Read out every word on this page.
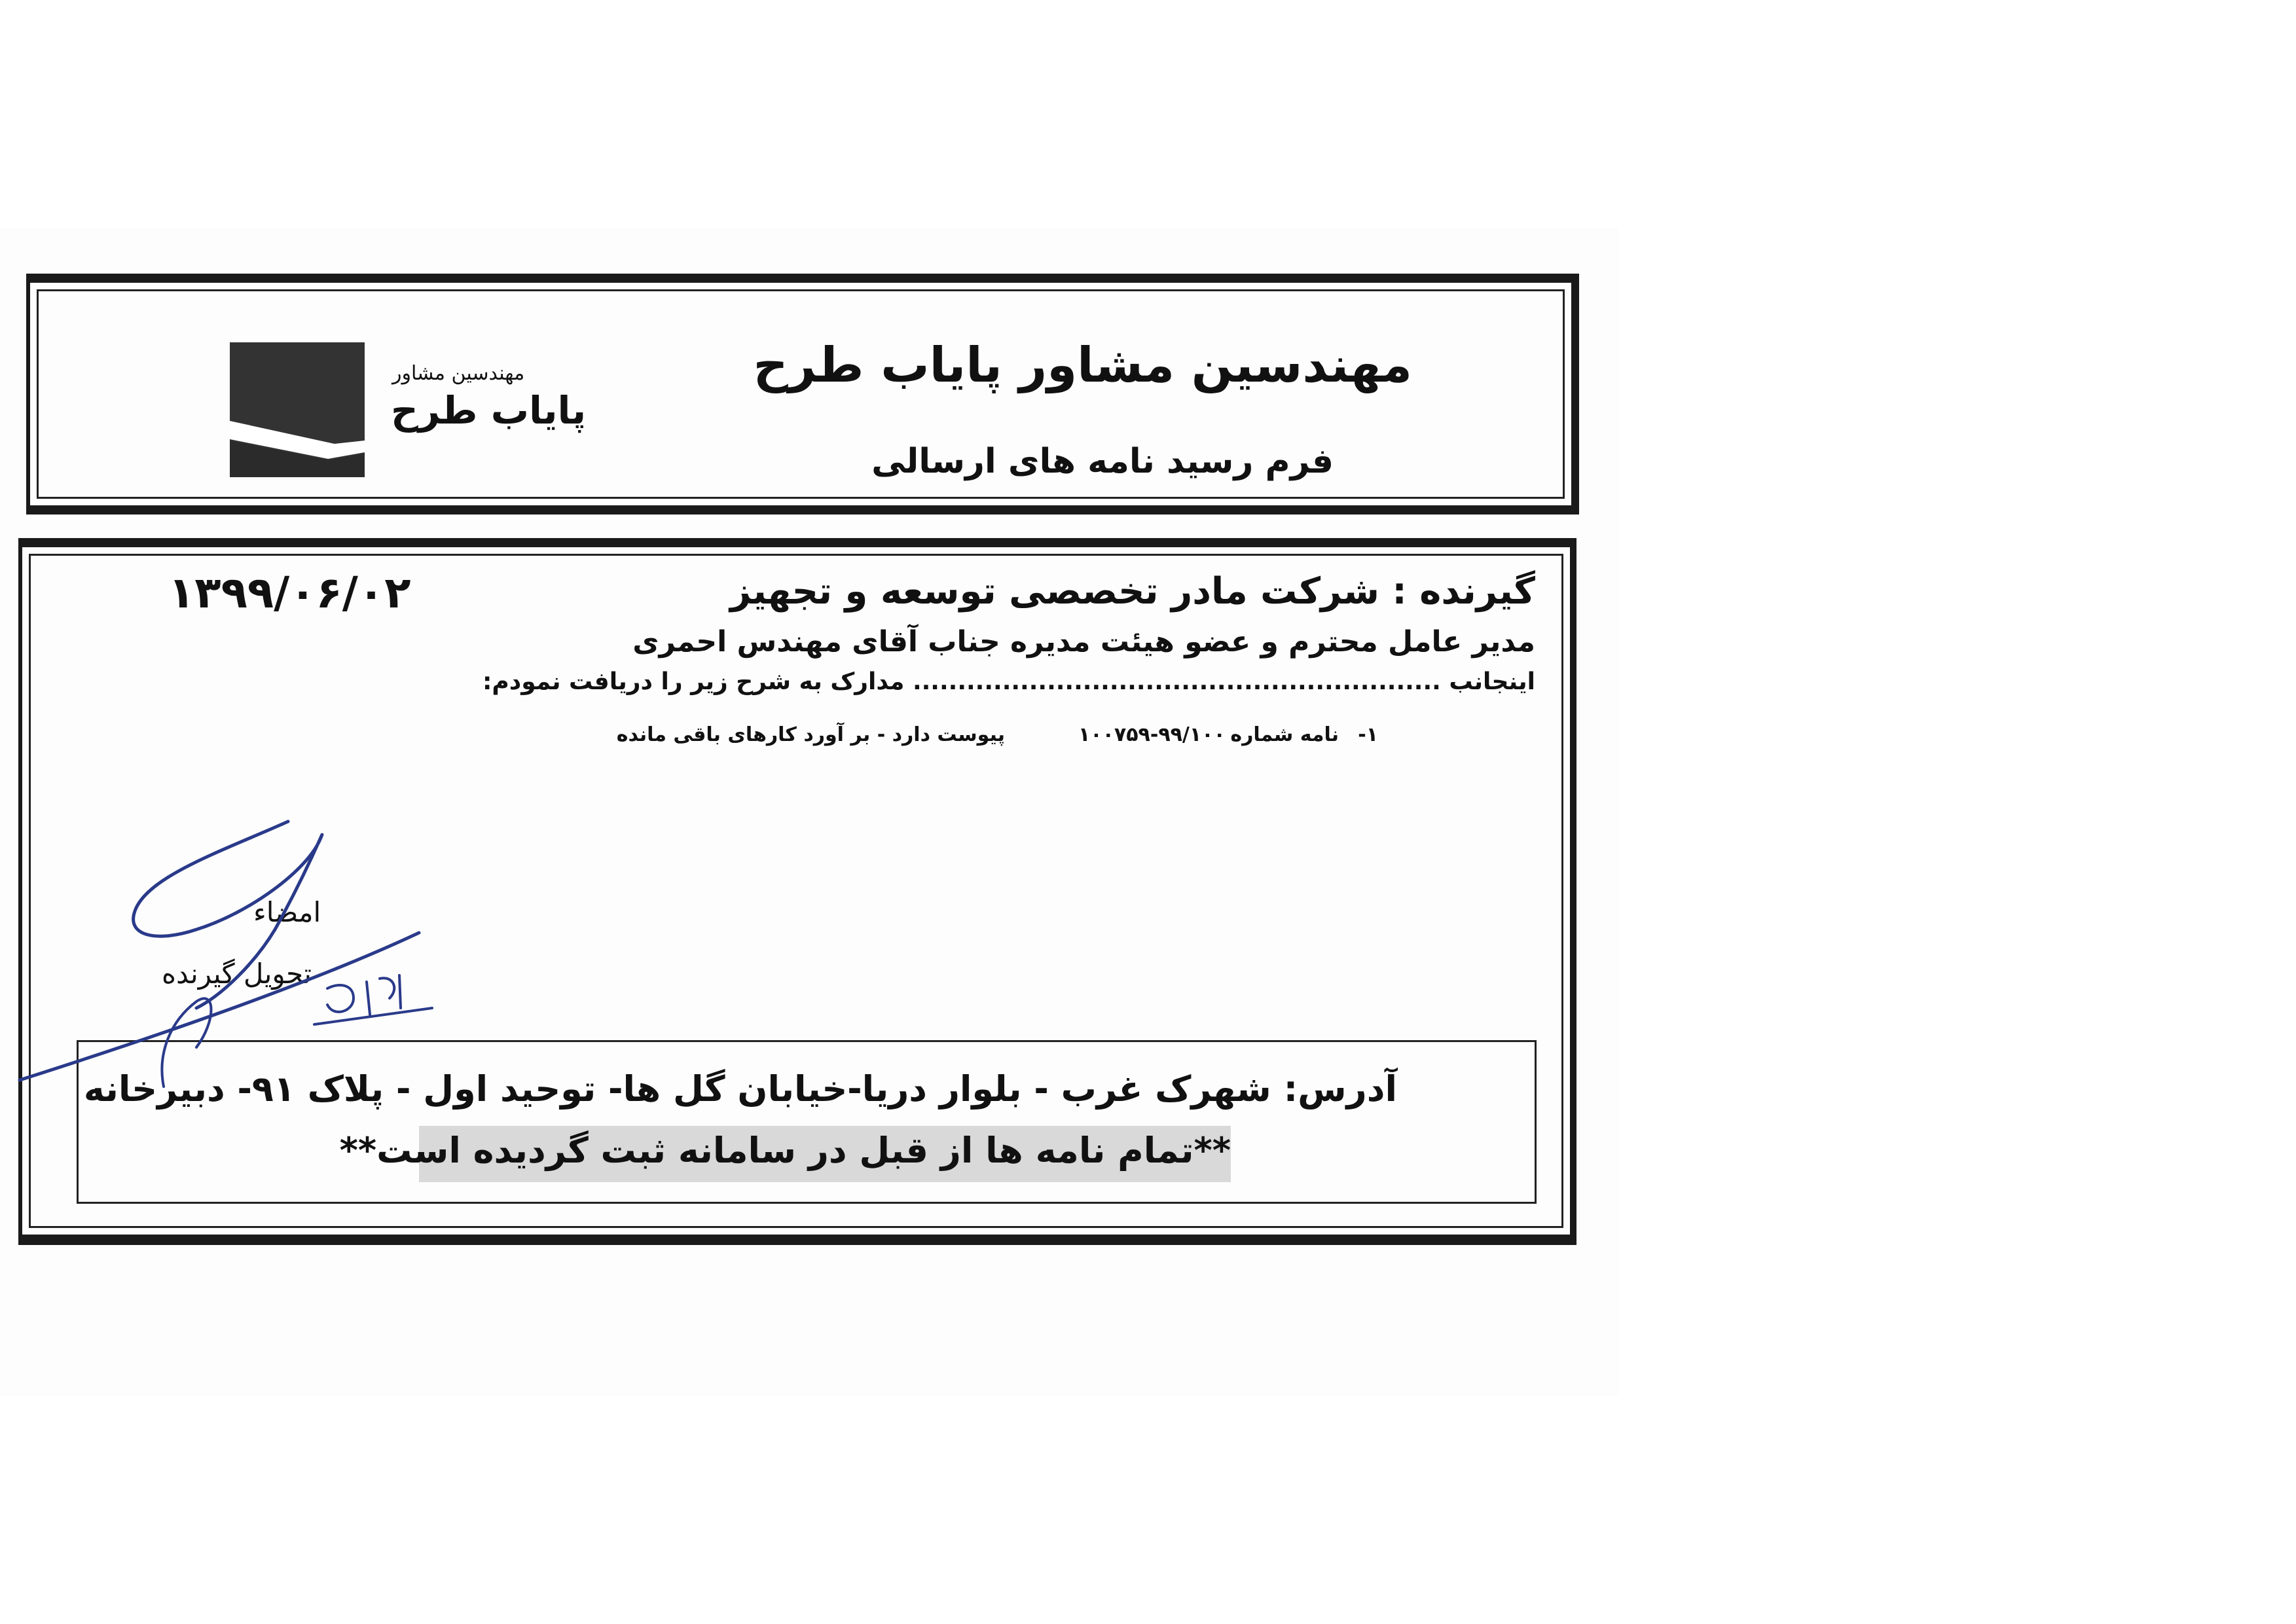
مهندسین مشاور پایاب طرح
فرم رسید نامه های ارسالی
مهندسین مشاور
پایاب طرح
۱۳۹۹/۰۶/۰۲	گیرنده : شرکت مادر تخصصی توسعه و تجهیز
مدیر عامل محترم و عضو هیئت مدیره جناب آقای مهندس احمری
اینجانب ........................................................... مدارک به شرح زیر را دریافت نمودم:
۱-
نامه شماره
۱۰۰۷۵۹-۹۹/۱۰۰
پیوست دارد - بر آورد کارهای باقی مانده
امضاء
تحویل گیرنده
آدرس: شهرک غرب - بلوار دریا-خیابان گل ها- توحید اول - پلاک ۹۱- دبیرخانه
**تمام نامه ها از قبل در سامانه ثبت گردیده است**
